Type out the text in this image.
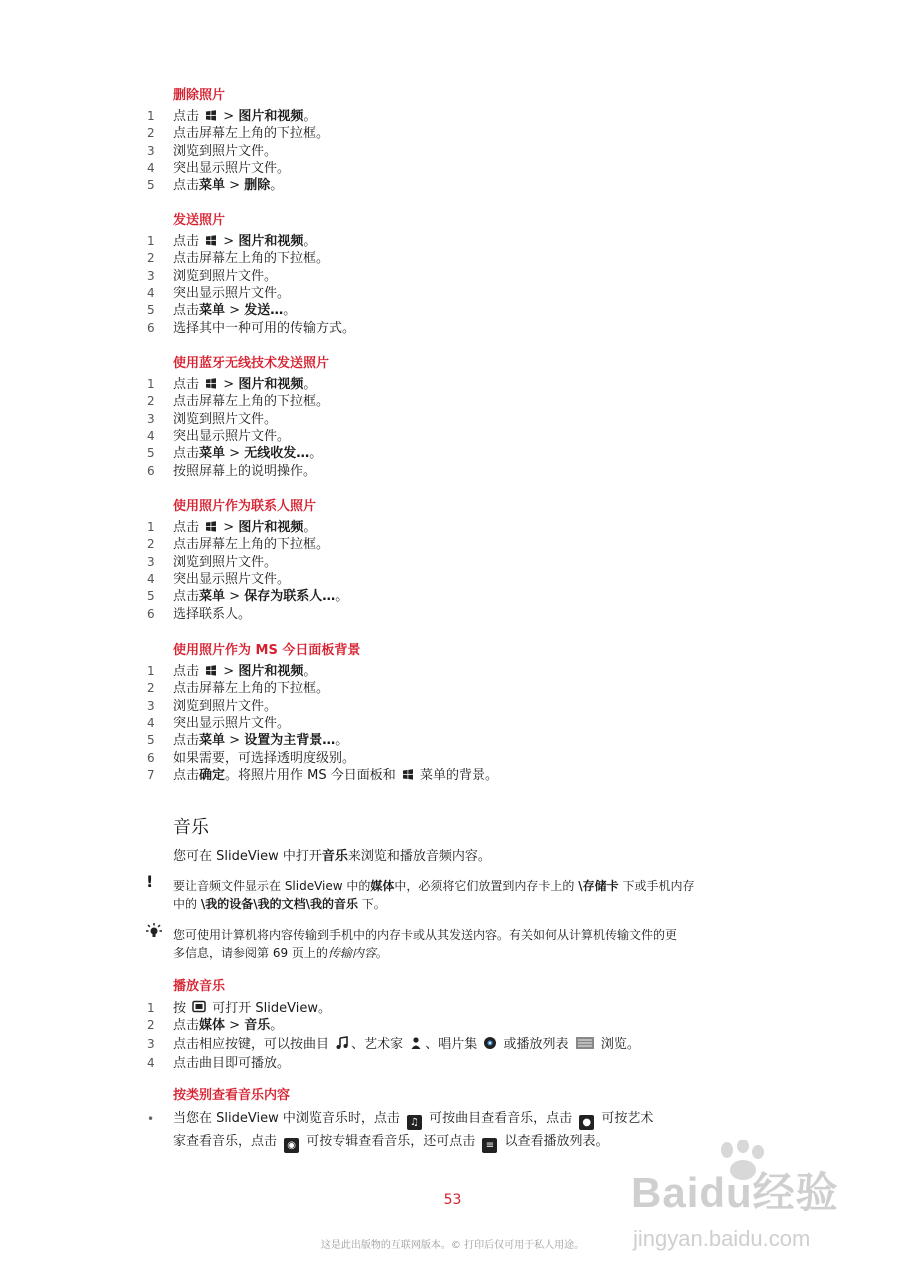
删除照片
1	点击  > 图片和视频。
2	点击屏幕左上角的下拉框。
3	浏览到照片文件。
4	突出显示照片文件。
5	点击菜单 > 删除。
发送照片
1	点击  > 图片和视频。
2	点击屏幕左上角的下拉框。
3	浏览到照片文件。
4	突出显示照片文件。
5	点击菜单 > 发送…。
6	选择其中一种可用的传输方式。
使用蓝牙无线技术发送照片
1	点击  > 图片和视频。
2	点击屏幕左上角的下拉框。
3	浏览到照片文件。
4	突出显示照片文件。
5	点击菜单 > 无线收发…。
6	按照屏幕上的说明操作。
使用照片作为联系人照片
1	点击  > 图片和视频。
2	点击屏幕左上角的下拉框。
3	浏览到照片文件。
4	突出显示照片文件。
5	点击菜单 > 保存为联系人…。
6	选择联系人。
使用照片作为 MS 今日面板背景
1	点击  > 图片和视频。
2	点击屏幕左上角的下拉框。
3	浏览到照片文件。
4	突出显示照片文件。
5	点击菜单 > 设置为主背景…。
6	如果需要，可选择透明度级别。
7	点击确定。将照片用作 MS 今日面板和  菜单的背景。
音乐
您可在 SlideView 中打开音乐来浏览和播放音频内容。
! 要让音频文件显示在 SlideView 中的媒体中，必须将它们放置到内存卡上的 \存储卡 下或手机内存
中的 \我的设备\我的文档\我的音乐 下。
您可使用计算机将内容传输到手机中的内存卡或从其发送内容。有关如何从计算机传输文件的更
多信息，请参阅第 69 页上的传输内容。
播放音乐
1	按  可打开 SlideView。
2	点击媒体 > 音乐。
3	点击相应按键，可以按曲目 、艺术家 、唱片集  或播放列表  浏览。
4	点击曲目即可播放。
按类别查看音乐内容
• 当您在 SlideView 中浏览音乐时，点击 ♫ 可按曲目查看音乐，点击 ● 可按艺术
家查看音乐，点击 ◉ 可按专辑查看音乐，还可点击 ≡ 以查看播放列表。
53
这是此出版物的互联网版本。© 打印后仅可用于私人用途。
Baidu经验
jingyan.baidu.com
